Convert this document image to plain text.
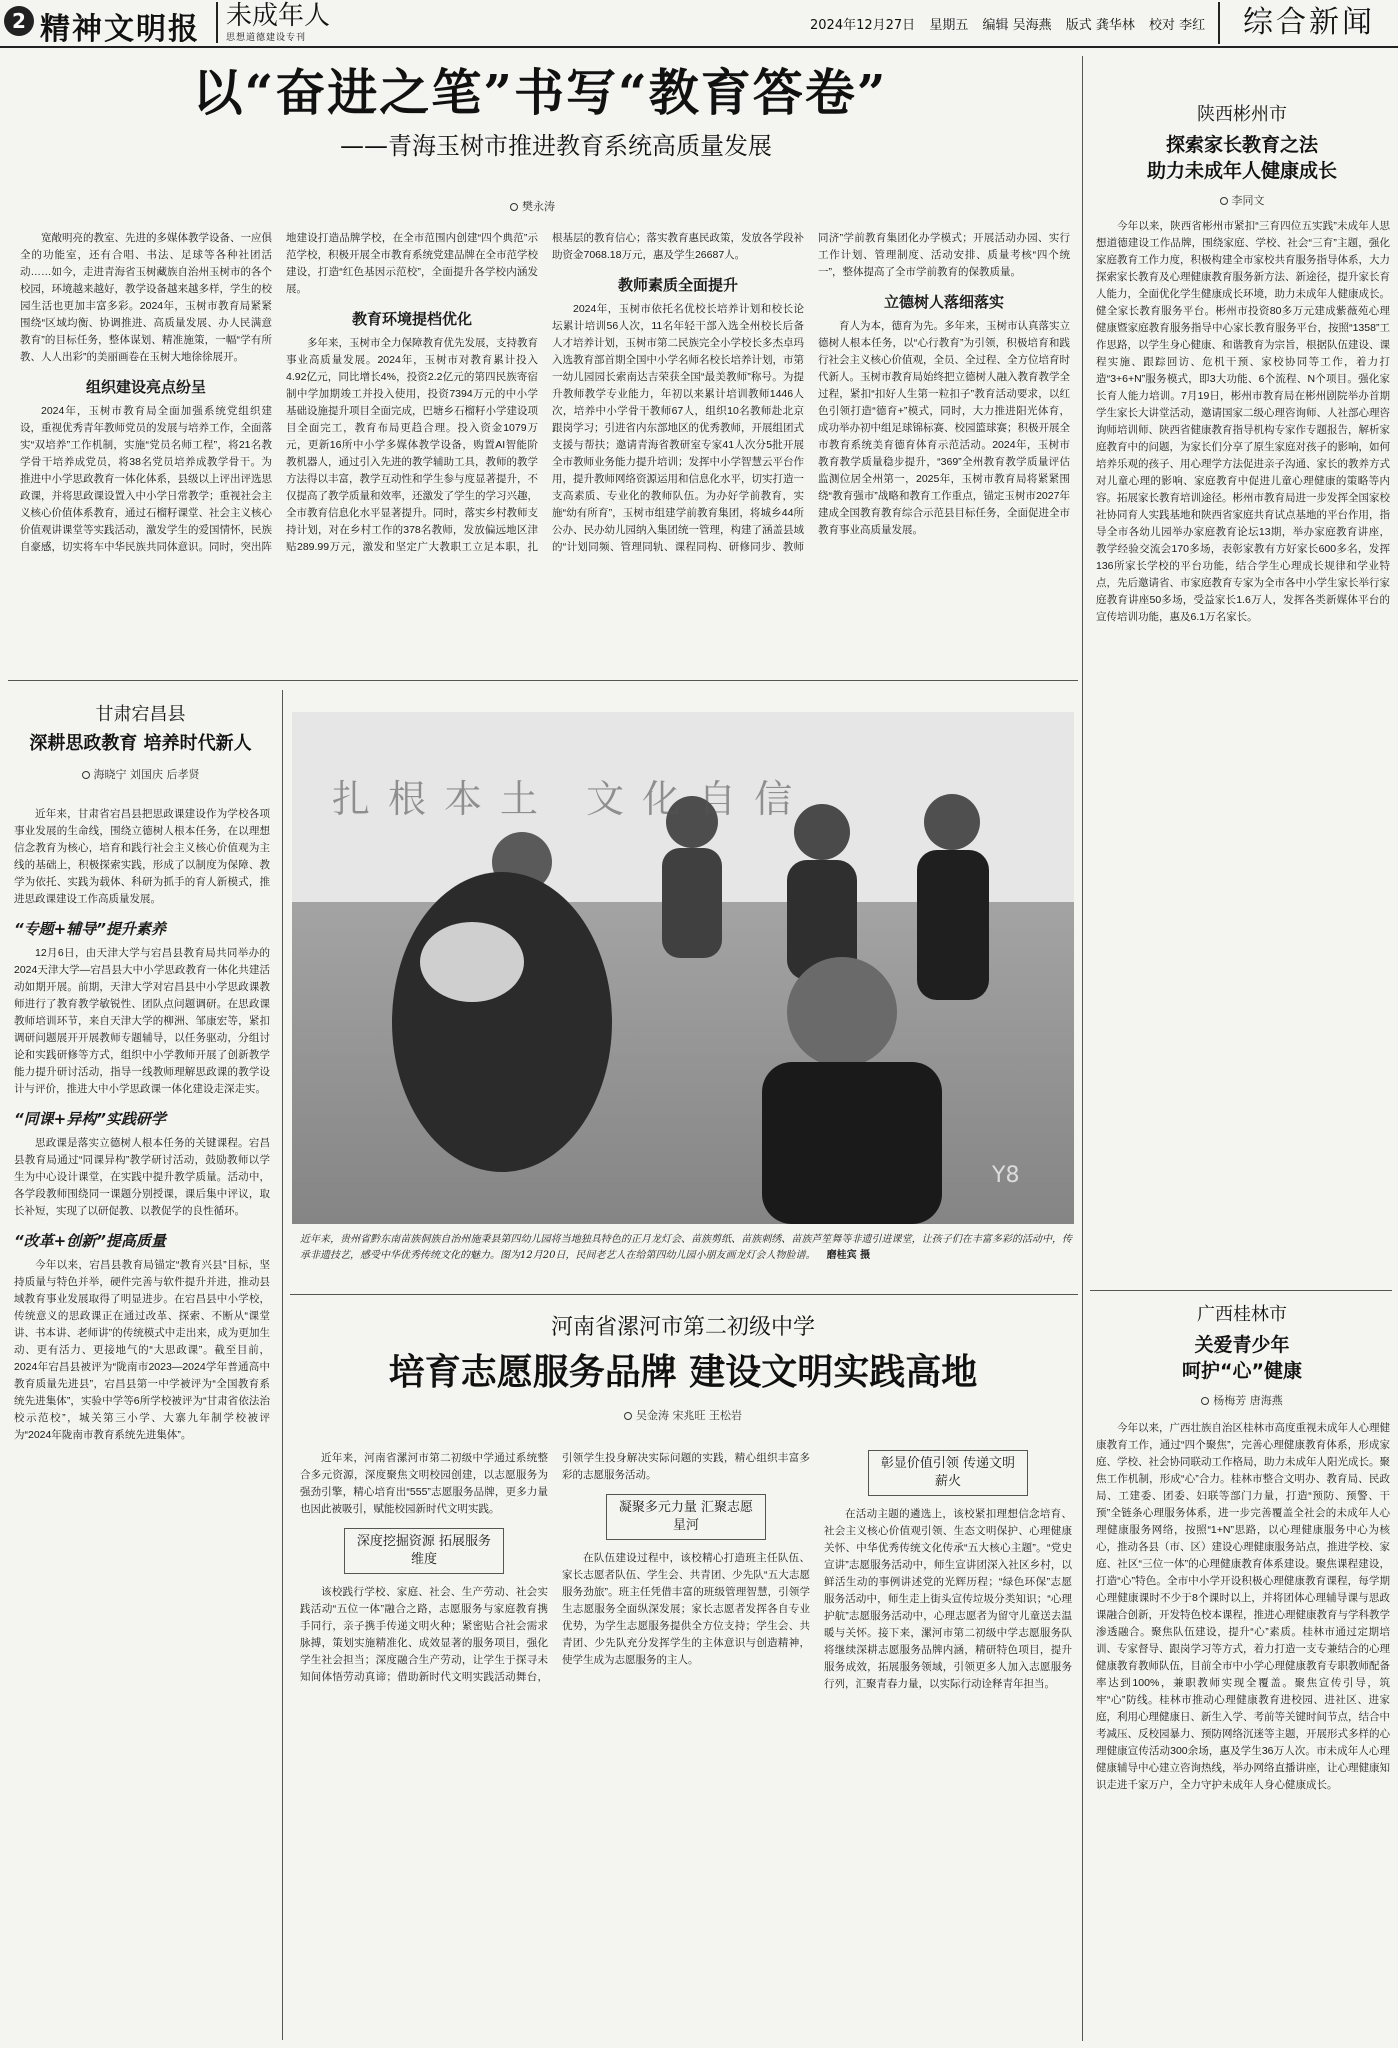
2 精神文明报 未成年人
思想道德建设专刊
2024年12月27日 星期五 编辑 吴海燕 版式 龚华林 校对 李红	综合新闻
以“奋进之笔”书写“教育答卷”
——青海玉树市推进教育系统高质量发展
樊永涛

宽敞明亮的教室、先进的多媒体教学设备、一应俱全的功能室，还有合唱、书法、足球等各种社团活动……如今，走进青海省玉树藏族自治州玉树市的各个校园，环境越来越好，教学设备越来越多样，学生的校园生活也更加丰富多彩。2024年，玉树市教育局紧紧围绕“区域均衡、协调推进、高质量发展、办人民满意教育”的目标任务，整体谋划、精准施策，一幅“学有所教、人人出彩”的美丽画卷在玉树大地徐徐展开。

组织建设亮点纷呈

2024年，玉树市教育局全面加强系统党组织建设，重视优秀青年教师党员的发展与培养工作，全面落实“双培养”工作机制，实施“党员名师工程”，将21名教学骨干培养成党员，将38名党员培养成教学骨干。为推进中小学思政教育一体化体系，县级以上评出评选思政课，并将思政课设置入中小学日常教学；重视社会主义核心价值体系教育，通过石榴籽课堂、社会主义核心价值观讲课堂等实践活动，激发学生的爱国情怀，民族自豪感，切实将车中华民族共同体意识。同时，突出阵地建设打造品牌学校，在全市范围内创建“四个典范”示范学校，积极开展全市教育系统党建品牌在全市范学校建设，打造“红色基因示范校”，全面提升各学校内涵发展。

教育环境提档优化

多年来，玉树市全力保障教育优先发展，支持教育事业高质量发展。2024年，玉树市对教育累计投入4.92亿元，同比增长4%，投资2.2亿元的第四民族寄宿制中学加期竣工并投入使用，投资7394万元的中小学基础设施提升项目全面完成，巴塘乡石榴籽小学建设项目全面完工，教育布局更趋合理。投入资金1079万元，更新16所中小学多媒体教学设备，购置AI智能阶教机器人，通过引入先进的教学辅助工具，教师的教学方法得以丰富，教学互动性和学生参与度显著提升，不仅提高了教学质量和效率，还激发了学生的学习兴趣，全市教育信息化水平显著提升。同时，落实乡村教师支持计划，对在乡村工作的378名教师，发放偏远地区津贴289.99万元，激发和坚定广大教职工立足本职，扎根基层的教育信心；落实教育惠民政策，发放各学段补助资金7068.18万元，惠及学生26687人。

教师素质全面提升

2024年，玉树市依托名优校长培养计划和校长论坛累计培训56人次，11名年轻干部入选全州校长后备人才培养计划，玉树市第二民族完全小学校长多杰卓玛入选教育部首期全国中小学名师名校长培养计划，市第一幼儿园园长索南达吉荣获全国“最美教师”称号。为提升教师教学专业能力，年初以来累计培训教师1446人次，培养中小学骨干教师67人，组织10名教师赴北京跟岗学习；引进省内东部地区的优秀教师，开展组团式支援与帮扶；邀请青海省教研室专家41人次分5批开展全市教师业务能力提升培训；发挥中小学智慧云平台作用，提升教师网络资源运用和信息化水平，切实打造一支高素质、专业化的教师队伍。为办好学前教育，实施“幼有所育”，玉树市组建学前教育集团，将城乡44所公办、民办幼儿园纳入集团统一管理，构建了涵盖县域的“计划同频、管理同轨、课程同构、研修同步、教师同济”学前教育集团化办学模式；开展活动办园、实行工作计划、管理制度、活动安排、质量考核“四个统一”，整体提高了全市学前教育的保教质量。

立德树人落细落实

育人为本，德育为先。多年来，玉树市认真落实立德树人根本任务，以“心行教育”为引领，积极培育和践行社会主义核心价值观，全员、全过程、全方位培育时代新人。玉树市教育局始终把立德树人融入教育教学全过程，紧扣“扣好人生第一粒扣子”教育活动要求，以红色引领打造“德育+”模式，同时，大力推进阳光体育，成功举办初中组足球锦标赛、校园篮球赛；积极开展全市教育系统美育德育体育示范活动。2024年，玉树市教育教学质量稳步提升，“369”全州教育教学质量评估监测位居全州第一，2025年，玉树市教育局将紧紧围绕“教育强市”战略和教育工作重点，锚定玉树市2027年建成全国教育教育综合示范县目标任务，全面促进全市教育事业高质量发展。

陕西彬州市
探索家长教育之法
助力未成年人健康成长
李同文

今年以来，陕西省彬州市紧扣“三育四位五实践”未成年人思想道德建设工作品牌，围绕家庭、学校、社会“三育”主题，强化家庭教育工作力度，积极构建全市家校共育服务指导体系，大力探索家长教育及心理健康教育服务新方法、新途径，提升家长育人能力，全面优化学生健康成长环境，助力未成年人健康成长。健全家长教育服务平台。彬州市投资80多万元建成紫薇苑心理健康暨家庭教育服务指导中心家长教育服务平台，按照“1358”工作思路，以学生身心健康、和谐教育为宗旨，根据队伍建设、课程实施、跟踪回访、危机干预、家校协同等工作，着力打造“3+6+N”服务模式，即3大功能、6个流程、N个项目。强化家长育人能力培训。7月19日，彬州市教育局在彬州剧院举办首期学生家长大讲堂活动，邀请国家二级心理咨询师、人社部心理咨询师培训师、陕西省健康教育指导机构专家作专题报告，解析家庭教育中的问题，为家长们分享了原生家庭对孩子的影响，如何培养乐观的孩子、用心理学方法促进亲子沟通、家长的教养方式对儿童心理的影响、家庭教育中促进儿童心理健康的策略等内容。拓展家长教育培训途径。彬州市教育局进一步发挥全国家校社协同育人实践基地和陕西省家庭共育试点基地的平台作用，指导全市各幼儿园举办家庭教育论坛13期，举办家庭教育讲座，教学经验交流会170多场，表彰家教有方好家长600多名，发挥136所家长学校的平台功能，结合学生心理成长规律和学业特点，先后邀请省、市家庭教育专家为全市各中小学生家长举行家庭教育讲座50多场，受益家长1.6万人，发挥各类新媒体平台的宣传培训功能，惠及6.1万名家长。

广西桂林市
关爱青少年
呵护“心”健康
杨梅芳 唐海燕

今年以来，广西壮族自治区桂林市高度重视未成年人心理健康教育工作，通过“四个聚焦”，完善心理健康教育体系，形成家庭、学校、社会协同联动工作格局，助力未成年人阳光成长。聚焦工作机制，形成“心”合力。桂林市整合文明办、教育局、民政局、工建委、团委、妇联等部门力量，打造“预防、预警、干预”全链条心理服务体系，进一步完善覆盖全社会的未成年人心理健康服务网络，按照“1+N”思路，以心理健康服务中心为核心，推动各县（市、区）建设心理健康服务站点，推进学校、家庭、社区“三位一体”的心理健康教育体系建设。聚焦课程建设，打造“心”特色。全市中小学开设积极心理健康教育课程，每学期心理健康课时不少于8个课时以上，并将团体心理辅导课与思政课融合创新，开发特色校本课程，推进心理健康教育与学科教学渗透融合。聚焦队伍建设，提升“心”素质。桂林市通过定期培训、专家督导、跟岗学习等方式，着力打造一支专兼结合的心理健康教育教师队伍，目前全市中小学心理健康教育专职教师配备率达到100%，兼职教师实现全覆盖。聚焦宣传引导，筑牢“心”防线。桂林市推动心理健康教育进校园、进社区、进家庭，利用心理健康日、新生入学、考前等关键时间节点，结合中考减压、反校园暴力、预防网络沉迷等主题，开展形式多样的心理健康宣传活动300余场，惠及学生36万人次。市未成年人心理健康辅导中心建立咨询热线，举办网络直播讲座，让心理健康知识走进千家万户，全力守护未成年人身心健康成长。

甘肃宕昌县
深耕思政教育 培养时代新人
海晓宁 刘国庆 后孝贤

近年来，甘肃省宕昌县把思政课建设作为学校各项事业发展的生命线，围绕立德树人根本任务，在以理想信念教育为核心，培育和践行社会主义核心价值观为主线的基础上，积极探索实践，形成了以制度为保障、教学为依托、实践为载体、科研为抓手的育人新模式，推进思政课建设工作高质量发展。

“专题+辅导”提升素养

12月6日，由天津大学与宕昌县教育局共同举办的2024天津大学—宕昌县大中小学思政教育一体化共建活动如期开展。前期，天津大学对宕昌县中小学思政课教师进行了教育教学敏锐性、团队点问题调研。在思政课教师培训环节，来自天津大学的柳洲、邹康宏等，紧扣调研问题展开开展教师专题辅导，以任务驱动，分组讨论和实践研修等方式，组织中小学教师开展了创新教学能力提升研讨活动，指导一线教师理解思政课的教学设计与评价，推进大中小学思政课一体化建设走深走实。

“同课+异构”实践研学

思政课是落实立德树人根本任务的关键课程。宕昌县教育局通过“同课异构”教学研讨活动，鼓励教师以学生为中心设计课堂，在实践中提升教学质量。活动中，各学段教师围绕同一课题分别授课，课后集中评议，取长补短，实现了以研促教、以教促学的良性循环。

“改革+创新”提高质量

今年以来，宕昌县教育局锚定“教育兴县”目标，坚持质量与特色并举，硬件完善与软件提升并进，推动县域教育事业发展取得了明显进步。在宕昌县中小学校，传统意义的思政课正在通过改革、探索、不断从“课堂讲、书本讲、老师讲”的传统模式中走出来，成为更加生动、更有活力、更接地气的“大思政课”。截至目前，2024年宕昌县被评为“陇南市2023—2024学年普通高中教育质量先进县”，宕昌县第一中学被评为“全国教育系统先进集体”，实验中学等6所学校被评为“甘肃省依法治校示范校”，城关第三小学、大寨九年制学校被评为“2024年陇南市教育系统先进集体”。

Y8
扎根本土 文化自信
近年来，贵州省黔东南苗族侗族自治州施秉县第四幼儿园将当地独具特色的正月龙灯会、苗族剪纸、苗族刺绣、苗族芦笙舞等非遗引进课堂，让孩子们在丰富多彩的活动中，传承非遗技艺，感受中华优秀传统文化的魅力。图为12月20日，民间老艺人在给第四幼儿园小朋友画龙灯会人物脸谱。 磨桂宾 摄
河南省漯河市第二初级中学
培育志愿服务品牌 建设文明实践高地
吴金涛 宋兆旺 王松岩

近年来，河南省漯河市第二初级中学通过系统整合多元资源，深度聚焦文明校园创建，以志愿服务为强劲引擎，精心培育出“555”志愿服务品牌，更多力量也因此被吸引，赋能校园新时代文明实践。

深度挖掘资源 拓展服务维度

该校践行学校、家庭、社会、生产劳动、社会实践活动“五位一体”融合之路，志愿服务与家庭教育携手同行，亲子携手传递文明火种；紧密贴合社会需求脉搏，策划实施精准化、成效显著的服务项目，强化学生社会担当；深度融合生产劳动，让学生于探寻未知间体悟劳动真谛；借助新时代文明实践活动舞台，引领学生投身解决实际问题的实践，精心组织丰富多彩的志愿服务活动。

凝聚多元力量 汇聚志愿星河

在队伍建设过程中，该校精心打造班主任队伍、家长志愿者队伍、学生会、共青团、少先队“五大志愿服务劲旅”。班主任凭借丰富的班级管理智慧，引领学生志愿服务全面纵深发展；家长志愿者发挥各自专业优势，为学生志愿服务提供全方位支持；学生会、共青团、少先队充分发挥学生的主体意识与创造精神，使学生成为志愿服务的主人。

彰显价值引领 传递文明薪火

在活动主题的遴选上，该校紧扣理想信念培育、社会主义核心价值观引领、生态文明保护、心理健康关怀、中华优秀传统文化传承“五大核心主题”。“党史宣讲”志愿服务活动中，师生宣讲团深入社区乡村，以鲜活生动的事例讲述党的光辉历程；“绿色环保”志愿服务活动中，师生走上街头宣传垃圾分类知识；“心理护航”志愿服务活动中，心理志愿者为留守儿童送去温暖与关怀。接下来，漯河市第二初级中学志愿服务队将继续深耕志愿服务品牌内涵，精研特色项目，提升服务成效，拓展服务领域，引领更多人加入志愿服务行列，汇聚青春力量，以实际行动诠释青年担当。
